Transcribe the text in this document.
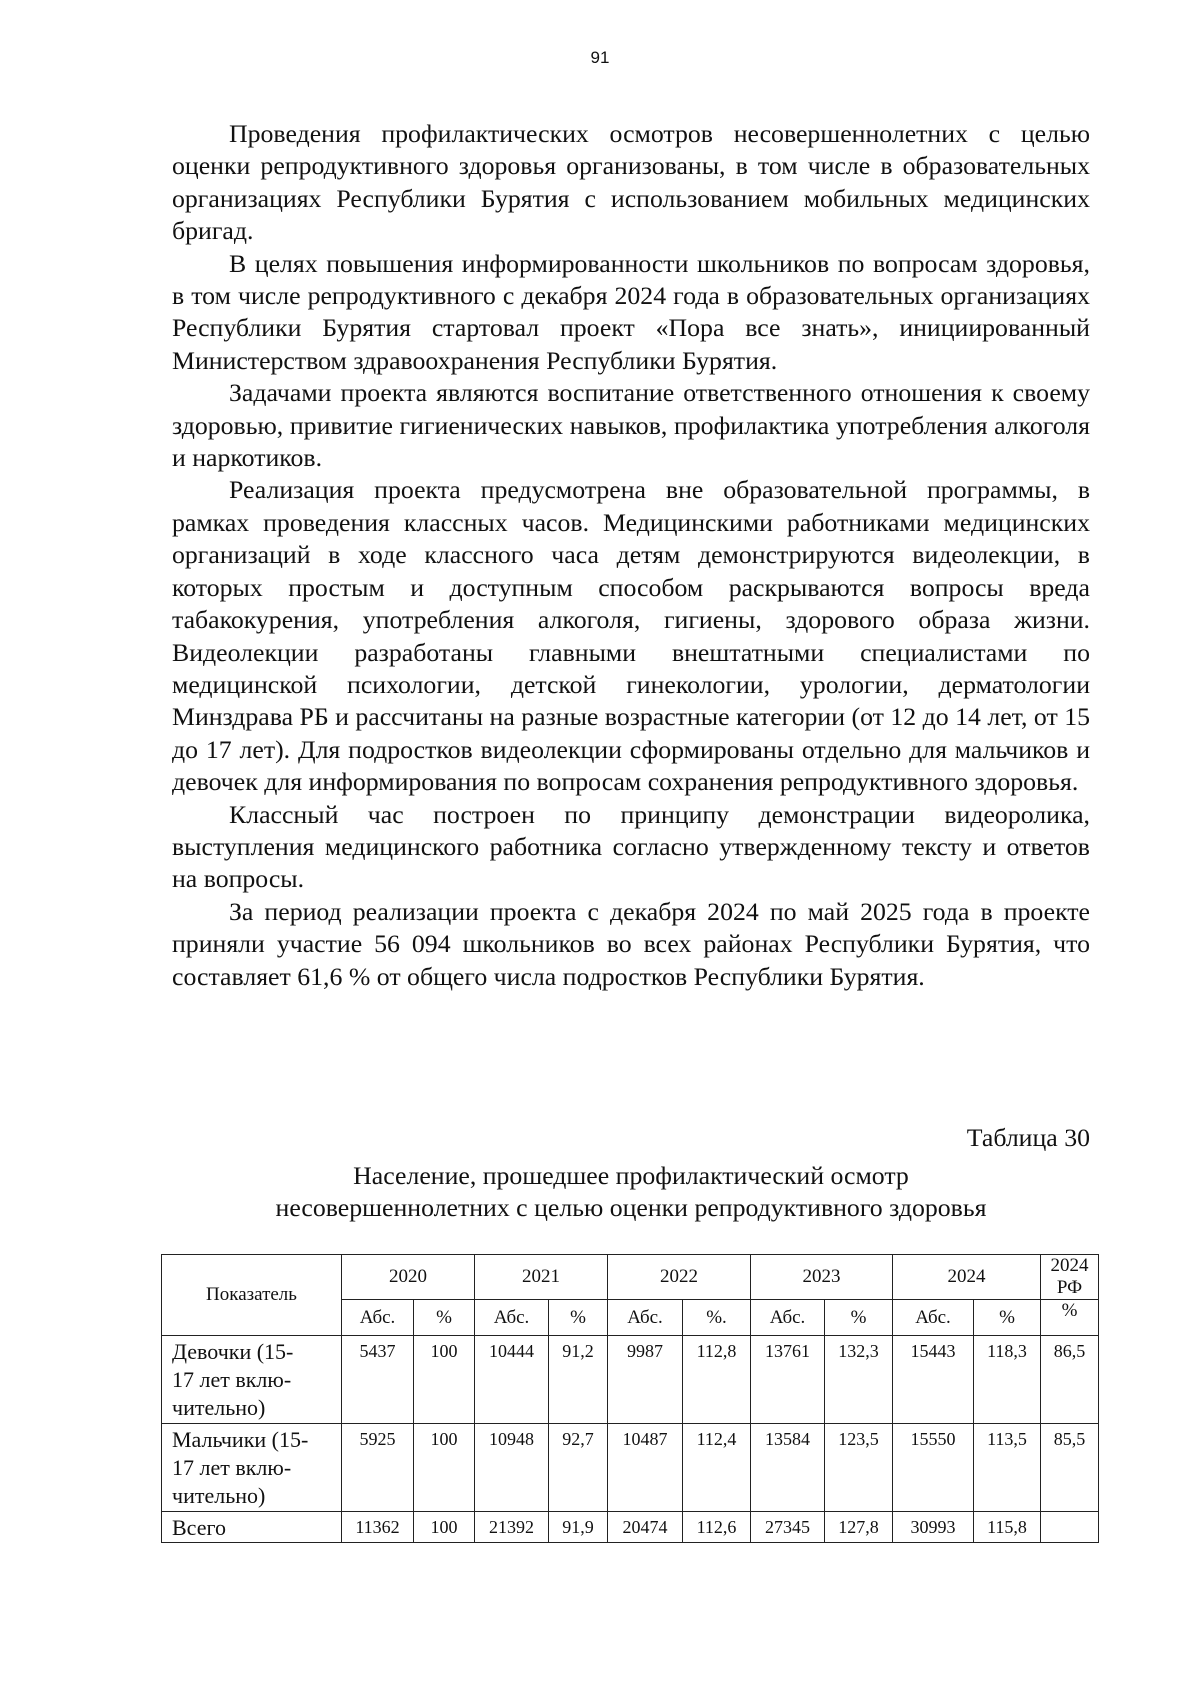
91

Проведения профилактических осмотров несовершеннолетних с целью оценки репродуктивного здоровья организованы, в том числе в образовательных организациях Республики Бурятия с использованием мобильных медицинских бригад.

В целях повышения информированности школьников по вопросам здоровья, в том числе репродуктивного с декабря 2024 года в образовательных организациях Республики Бурятия стартовал проект «Пора все знать», инициированный Министерством здравоохранения Республики Бурятия.

Задачами проекта являются воспитание ответственного отношения к своему здоровью, привитие гигиенических навыков, профилактика употребления алкоголя и наркотиков.

Реализация проекта предусмотрена вне образовательной программы, в рамках проведения классных часов. Медицинскими работниками медицинских организаций в ходе классного часа детям демонстрируются видеолекции, в которых простым и доступным способом раскрываются вопросы вреда табакокурения, употребления алкоголя, гигиены, здорового образа жизни. Видеолекции разработаны главными внештатными специалистами по медицинской психологии, детской гинекологии, урологии, дерматологии Минздрава РБ и рассчитаны на разные возрастные категории (от 12 до 14 лет, от 15 до 17 лет). Для подростков видеолекции сформированы отдельно для мальчиков и девочек для информирования по вопросам сохранения репродуктивного здоровья.

Классный час построен по принципу демонстрации видеоролика, выступления медицинского работника согласно утвержденному тексту и ответов на вопросы.

За период реализации проекта с декабря 2024 по май 2025 года в проекте приняли участие 56 094 школьников во всех районах Республики Бурятия, что составляет 61,6 % от общего числа подростков Республики Бурятия.

Таблица 30
Население, прошедшее профилактический осмотр
несовершеннолетних с целью оценки репродуктивного здоровья
Показатель	2020		2021		2022		2023		2024		2024
РФ

	Абс.	%	Абс.	%	Абс.	%.	Абс.	%	Абс.	%	%

Девочки (15-
17 лет вклю-
чительно)	5437	100	10444	91,2	9987	112,8	13761	132,3	15443	118,3	86,5

Мальчики (15-
17 лет вклю-
чительно)	5925	100	10948	92,7	10487	112,4	13584	123,5	15550	113,5	85,5
Всего	11362	100	21392	91,9	20474	112,6	27345	127,8	30993	115,8	
